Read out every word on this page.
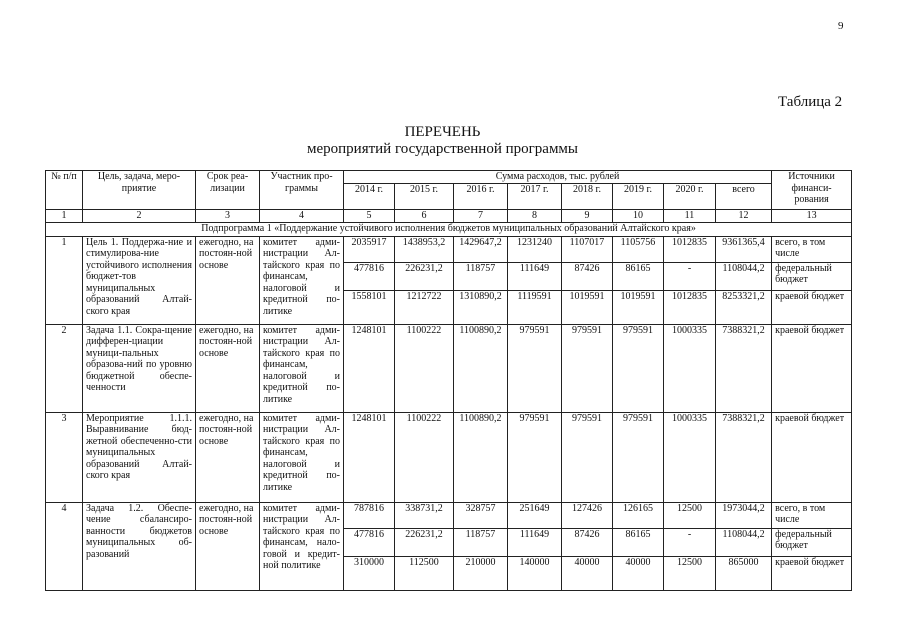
9
Таблица 2
ПЕРЕЧЕНЬ
мероприятий государственной программы
№ п/п	Цель, задача, меро-приятие	Срок реа-лизации	Участник про-граммы	Сумма расходов, тыс. рублей								Источники финанси-рования
				2014 г.	2015 г.	2016 г.	2017 г.	2018 г.	2019 г.	2020 г.	всего	
1	2	3	4	5	6	7	8	9	10	11	12	13
Подпрограмма 1 «Поддержание устойчивого исполнения бюджетов муниципальных образований Алтайского края»												
1	Цель 1. Поддержа-ние и стимулирова-ние устойчивого исполнения бюджет-тов муниципальных образований Алтай-ского края	ежегодно, на постоян-ной основе	комитет адми-нистрации Ал-тайского края по финансам, налоговой и кредитной по-литике	2035917	1438953,2	1429647,2	1231240	1107017	1105756	1012835	9361365,4	всего, в том числе
				477816	226231,2	118757	111649	87426	86165	-	1108044,2	федеральный бюджет
				1558101	1212722	1310890,2	1119591	1019591	1019591	1012835	8253321,2	краевой бюджет
2	Задача 1.1. Сокра-щение дифферен-циации муници-пальных образова-ний по уровню бюджетной обеспе-ченности	ежегодно, на постоян-ной основе	комитет адми-нистрации Ал-тайского края по финансам, налоговой и кредитной по-литике	1248101	1100222	1100890,2	979591	979591	979591	1000335	7388321,2	краевой бюджет
3	Мероприятие 1.1.1. Выравнивание бюд-жетной обеспеченно-сти муниципальных образований Алтай-ского края	ежегодно, на постоян-ной основе	комитет адми-нистрации Ал-тайского края по финансам, налоговой и кредитной по-литике	1248101	1100222	1100890,2	979591	979591	979591	1000335	7388321,2	краевой бюджет
4	Задача 1.2. Обеспе-чение сбалансиро-ванности бюджетов муниципальных об-разований	ежегодно, на постоян-ной основе	комитет адми-нистрации Ал-тайского края по финансам, нало-говой и кредит-ной политике	787816	338731,2	328757	251649	127426	126165	12500	1973044,2	всего, в том числе
				477816	226231,2	118757	111649	87426	86165	-	1108044,2	федеральный бюджет
				310000	112500	210000	140000	40000	40000	12500	865000	краевой бюджет
